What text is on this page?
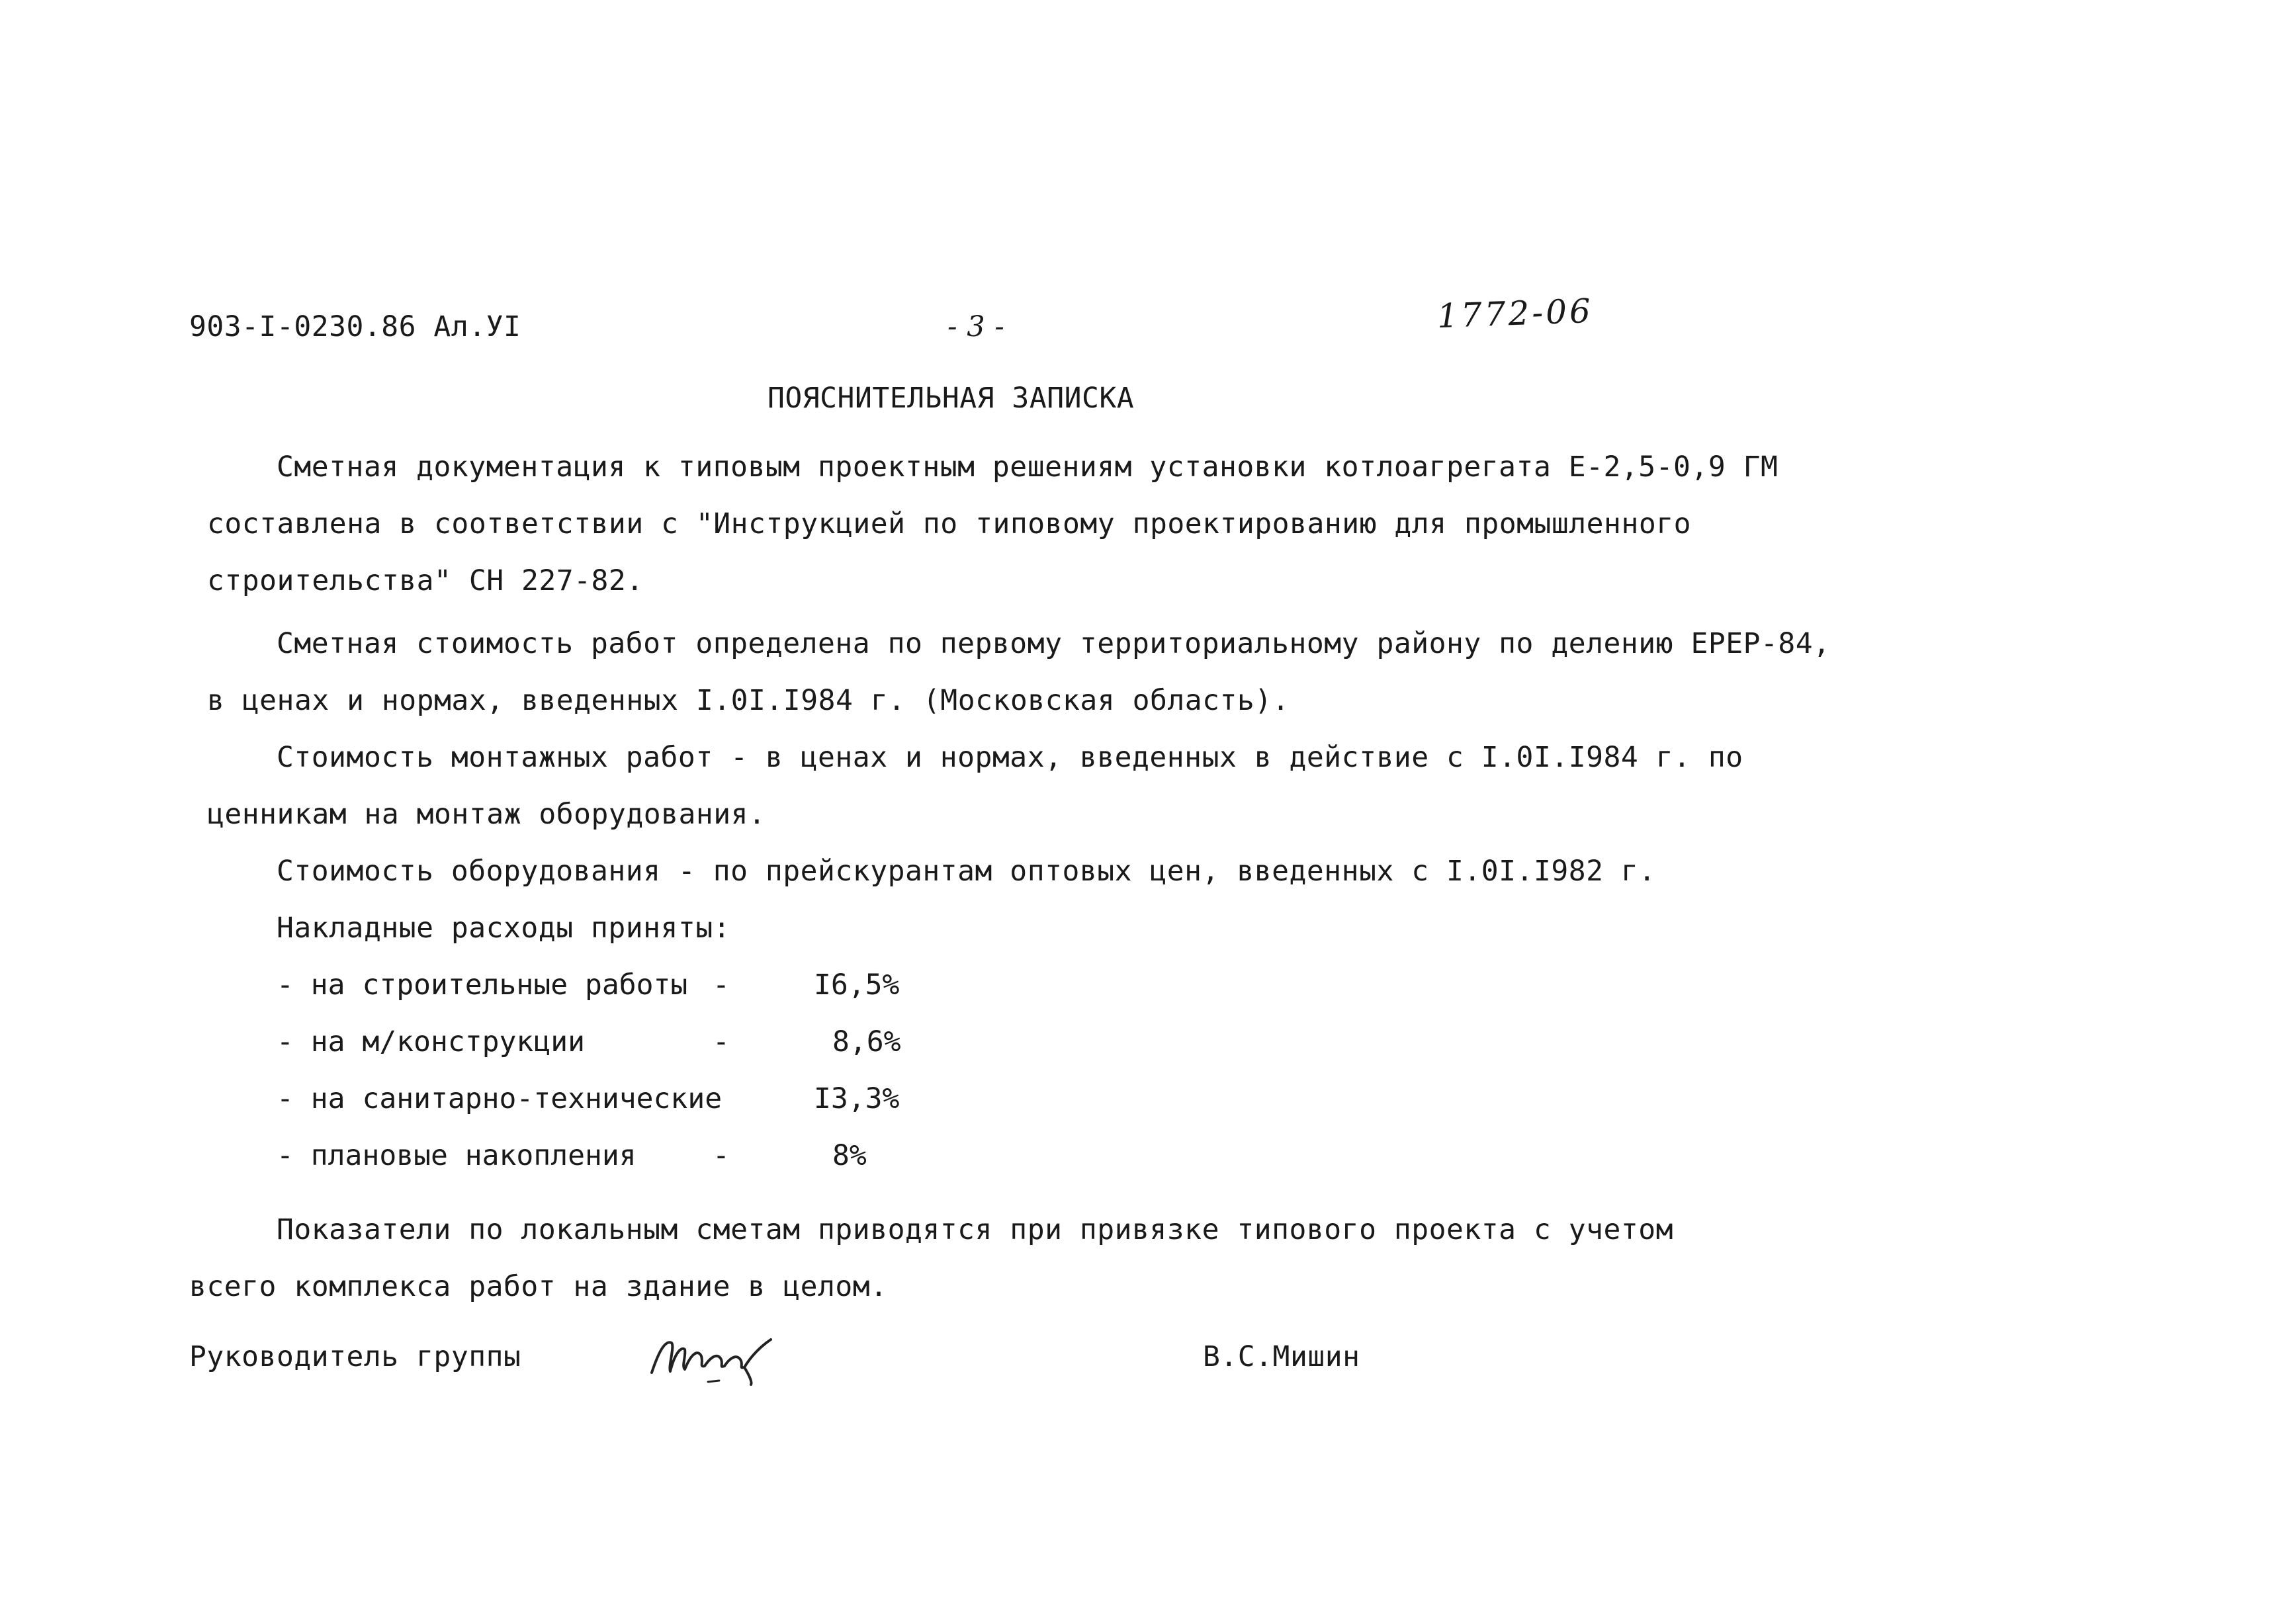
903-I-0230.86 Ал.УI	- 3 -	1772-06
ПОЯСНИТЕЛЬНАЯ ЗАПИСКА
Сметная документация к типовым проектным решениям установки котлоагрегата Е-2,5-0,9 ГМ
составлена в соответствии с "Инструкцией по типовому проектированию для промышленного
строительства" СН 227-82.
Сметная стоимость работ определена по первому территориальному району по делению ЕРЕР-84,
в ценах и нормах, введенных I.0I.I984 г. (Московская область).
Стоимость монтажных работ - в ценах и нормах, введенных в действие с I.0I.I984 г. по
ценникам на монтаж оборудования.
Стоимость оборудования - по прейскурантам оптовых цен, введенных с I.0I.I982 г.
Накладные расходы приняты:
- на строительные работы -	I6,5%
- на м/конструкции	-	8,6%
- на санитарно-технические	I3,3%
- плановые накопления	-	8%
Показатели по локальным сметам приводятся при привязке типового проекта с учетом
всего комплекса работ на здание в целом.
Руководитель группы	В.С.Мишин
